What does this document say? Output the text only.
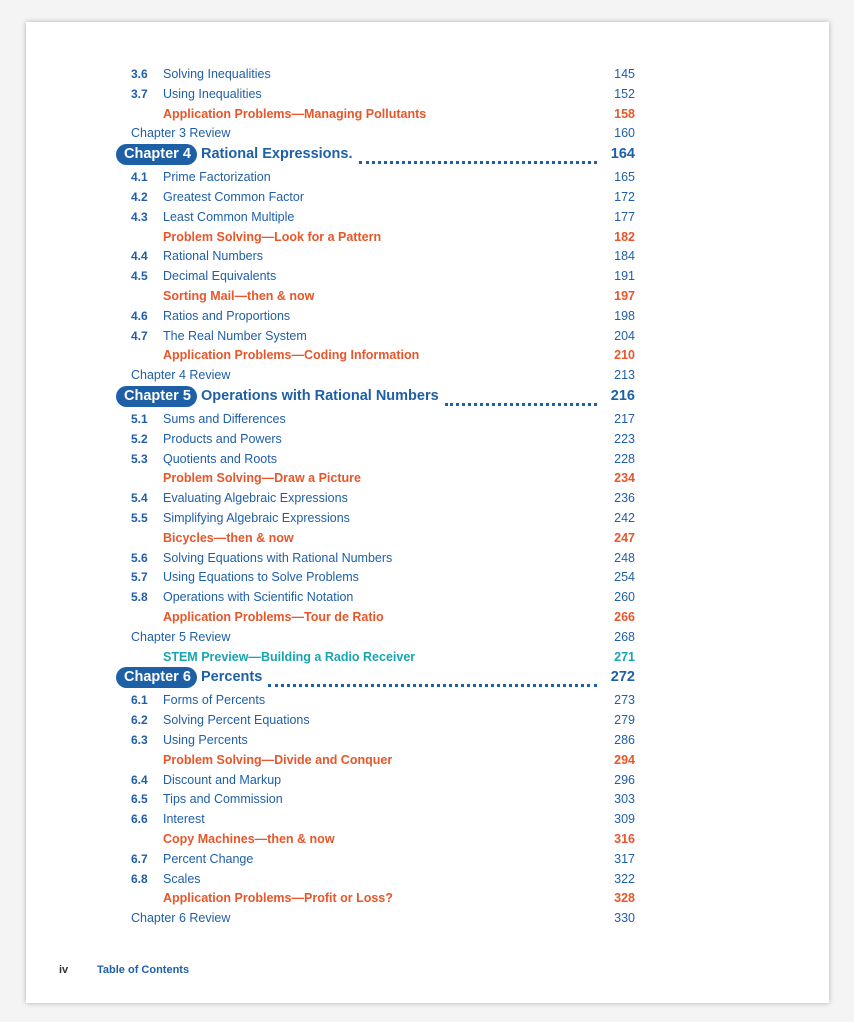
3.6 Solving Inequalities	145
3.7 Using Inequalities	152
Application Problems—Managing Pollutants	158
Chapter 3 Review	160
Chapter 4 Rational Expressions.	164
4.1 Prime Factorization	165
4.2 Greatest Common Factor	172
4.3 Least Common Multiple	177
Problem Solving—Look for a Pattern	182
4.4 Rational Numbers	184
4.5 Decimal Equivalents	191
Sorting Mail—then & now	197
4.6 Ratios and Proportions	198
4.7 The Real Number System	204
Application Problems—Coding Information	210
Chapter 4 Review	213
Chapter 5 Operations with Rational Numbers	216
5.1 Sums and Differences	217
5.2 Products and Powers	223
5.3 Quotients and Roots	228
Problem Solving—Draw a Picture	234
5.4 Evaluating Algebraic Expressions	236
5.5 Simplifying Algebraic Expressions	242
Bicycles—then & now	247
5.6 Solving Equations with Rational Numbers	248
5.7 Using Equations to Solve Problems	254
5.8 Operations with Scientific Notation	260
Application Problems—Tour de Ratio	266
Chapter 5 Review	268
STEM Preview—Building a Radio Receiver	271
Chapter 6 Percents	272
6.1 Forms of Percents	273
6.2 Solving Percent Equations	279
6.3 Using Percents	286
Problem Solving—Divide and Conquer	294
6.4 Discount and Markup	296
6.5 Tips and Commission	303
6.6 Interest	309
Copy Machines—then & now	316
6.7 Percent Change	317
6.8 Scales	322
Application Problems—Profit or Loss?	328
Chapter 6 Review	330
iv	Table of Contents
